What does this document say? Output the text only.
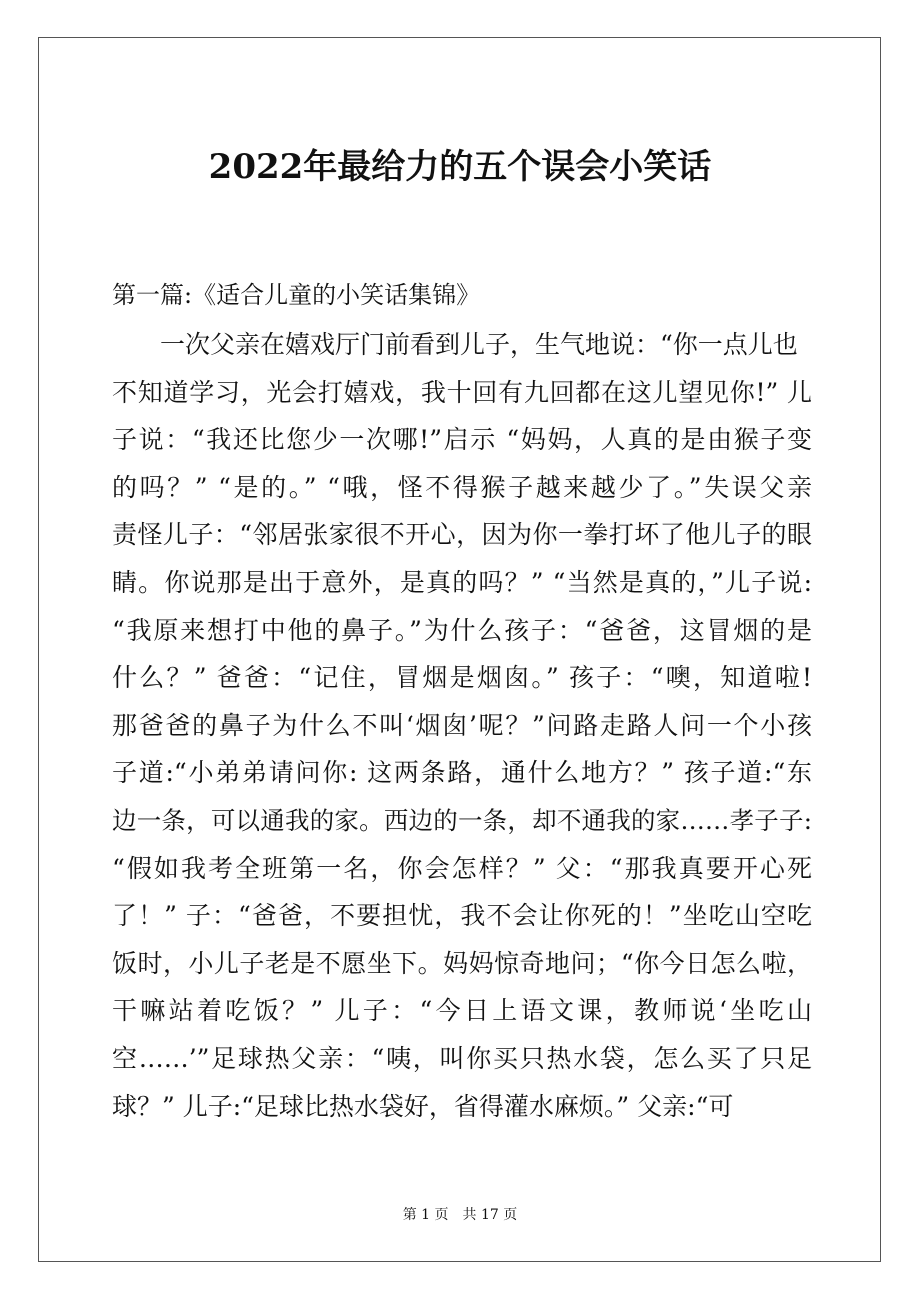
2022年最给力的五个误会小笑话

第一篇:《适合儿童的小笑话集锦》

一次父亲在嬉戏厅门前看到儿子，生气地说：“你一点儿也
不知道学习，光会打嬉戏，我十回有九回都在这儿望见你!” 儿
子说：“我还比您少一次哪!”启示 “妈妈，人真的是由猴子变
的吗？” “是的。” “哦，怪不得猴子越来越少了。”失误父亲
责怪儿子：“邻居张家很不开心，因为你一拳打坏了他儿子的眼
睛。你说那是出于意外，是真的吗？” “当然是真的，”儿子说:
“我原来想打中他的鼻子。”为什么孩子：“爸爸，这冒烟的是
什么？” 爸爸：“记住，冒烟是烟囱。” 孩子：“噢，知道啦!
那爸爸的鼻子为什么不叫‘烟囱’呢？”问路走路人问一个小孩
子道:“小弟弟请问你: 这两条路，通什么地方？” 孩子道:“东
边一条，可以通我的家。西边的一条，却不通我的家……孝子子:
“假如我考全班第一名，你会怎样？” 父：“那我真要开心死
了！” 子：“爸爸，不要担忧，我不会让你死的！”坐吃山空吃
饭时，小儿子老是不愿坐下。妈妈惊奇地问；“你今日怎么啦，
干嘛站着吃饭？” 儿子：“今日上语文课，教师说‘坐吃山
空……’”足球热父亲：“咦，叫你买只热水袋，怎么买了只足
球？” 儿子:“足球比热水袋好，省得灌水麻烦。” 父亲:“可

第 1 页　共 17 页
